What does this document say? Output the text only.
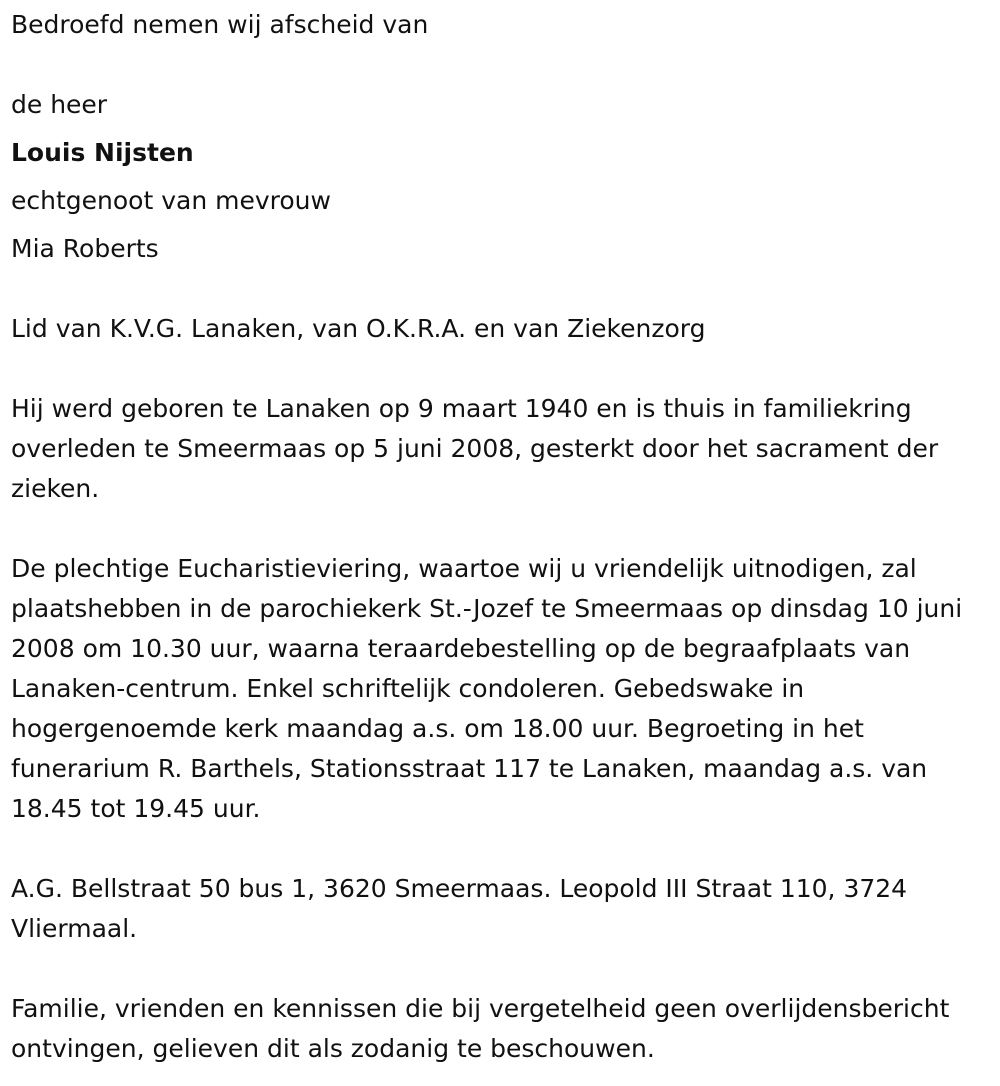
Bedroefd nemen wij afscheid van
de heer
Louis Nijsten
echtgenoot van mevrouw
Mia Roberts

Lid van K.V.G. Lanaken, van O.K.R.A. en van Ziekenzorg

Hij werd geboren te Lanaken op 9 maart 1940 en is thuis in familiekring overleden te Smeermaas op 5 juni 2008, gesterkt door het sacrament der zieken.

De plechtige Eucharistieviering, waartoe wij u vriendelijk uitnodigen, zal plaatshebben in de parochiekerk St.-Jozef te Smeermaas op dinsdag 10 juni 2008 om 10.30 uur, waarna teraardebestelling op de begraafplaats van Lanaken-centrum. Enkel schriftelijk condoleren. Gebedswake in hogergenoemde kerk maandag a.s. om 18.00 uur. Begroeting in het funerarium R. Barthels, Stationsstraat 117 te Lanaken, maandag a.s. van 18.45 tot 19.45 uur.

A.G. Bellstraat 50 bus 1, 3620 Smeermaas. Leopold III Straat 110, 3724 Vliermaal.

Familie, vrienden en kennissen die bij vergetelheid geen overlijdensbericht ontvingen, gelieven dit als zodanig te beschouwen.
